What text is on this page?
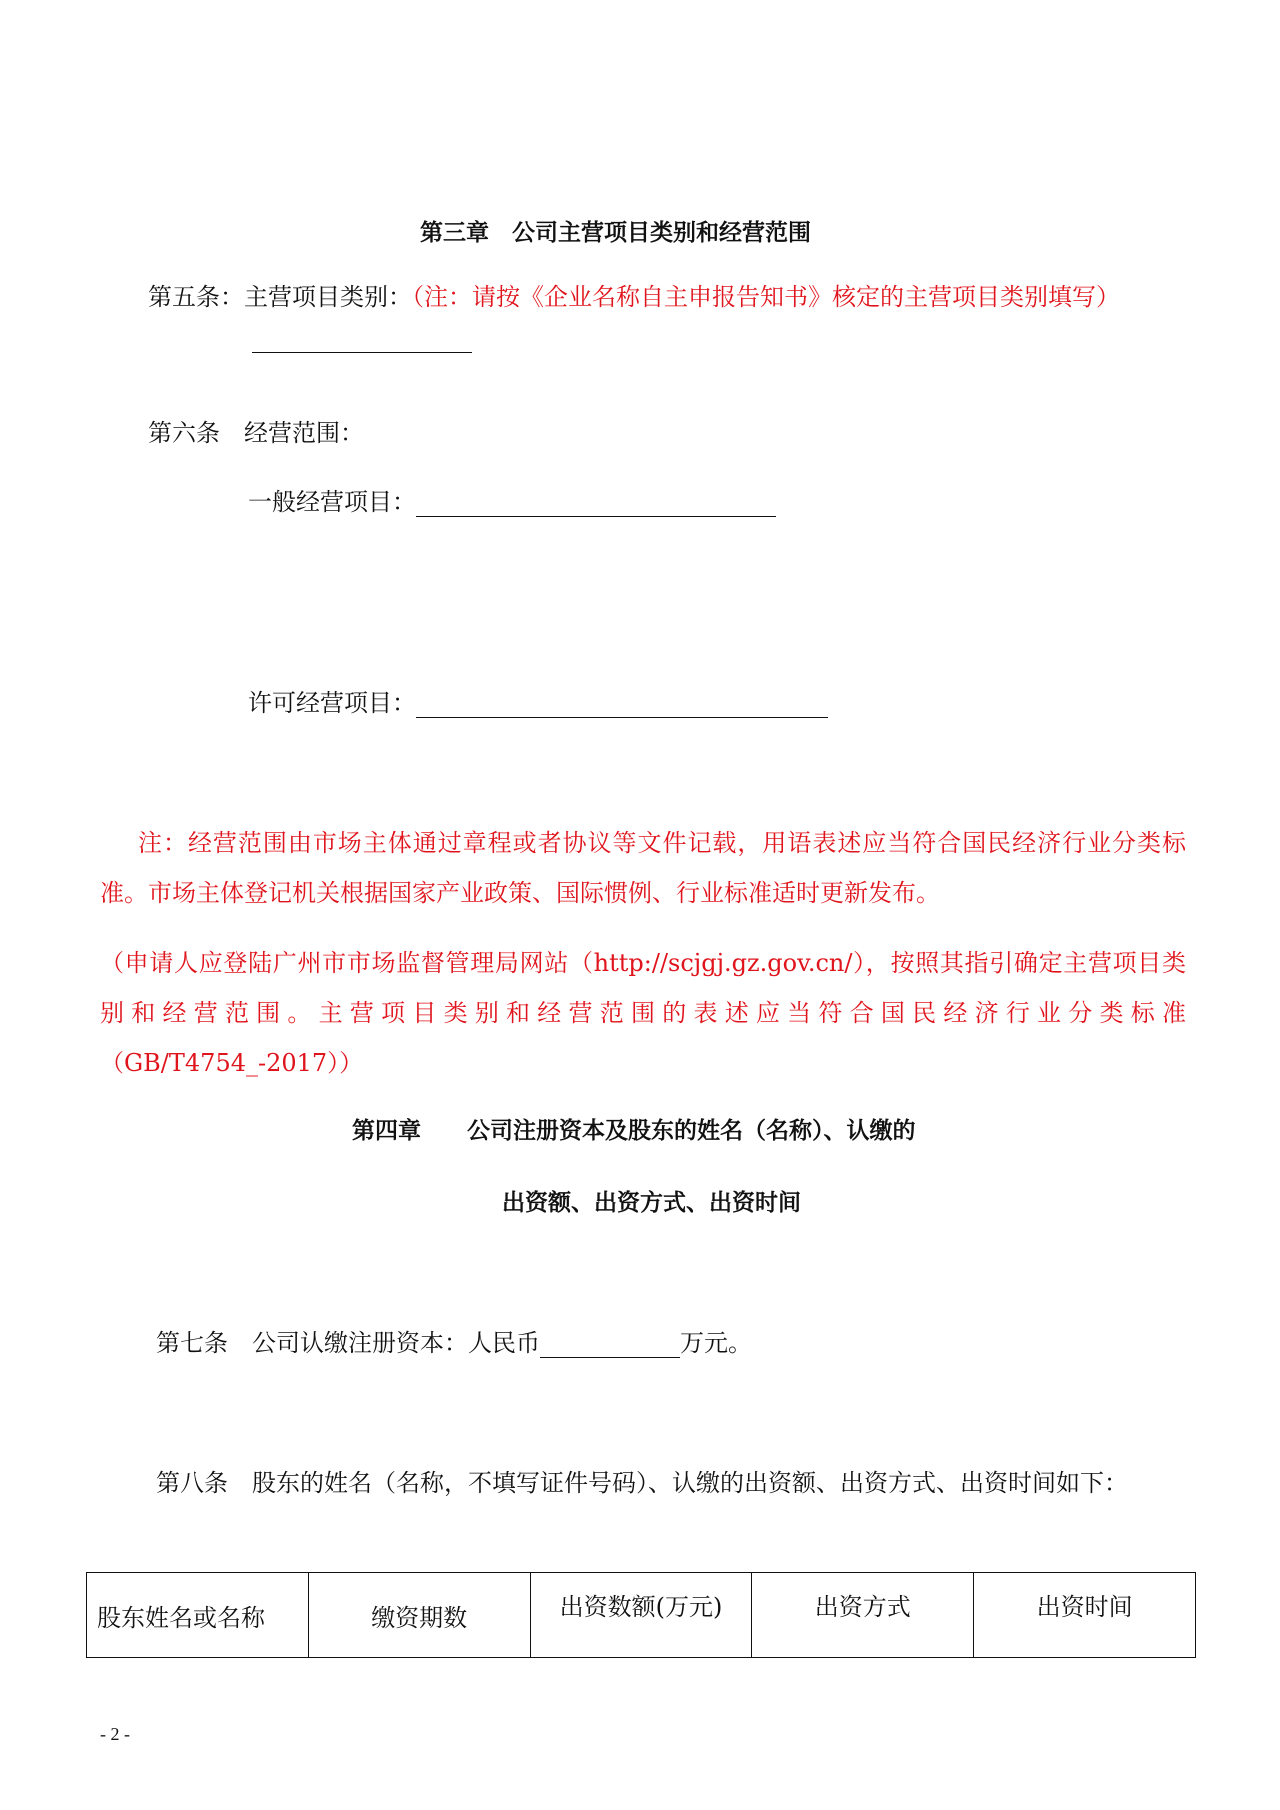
第三章　公司主营项目类别和经营范围
第五条：主营项目类别：（注：请按《企业名称自主申报告知书》核定的主营项目类别填写）
第六条　经营范围：
一般经营项目：
许可经营项目：
注：经营范围由市场主体通过章程或者协议等文件记载，用语表述应当符合国民经济行业分类标准。市场主体登记机关根据国家产业政策、国际惯例、行业标准适时更新发布。
（申请人应登陆广州市市场监督管理局网站（http://scjgj.gz.gov.cn/），按照其指引确定主营项目类别和经营范围。主营项目类别和经营范围的表述应当符合国民经济行业分类标准（GB/T4754_-2017））
第四章　　公司注册资本及股东的姓名（名称）、认缴的
出资额、出资方式、出资时间
第七条　公司认缴注册资本：人民币	万元。
第八条　股东的姓名（名称，不填写证件号码）、认缴的出资额、出资方式、出资时间如下：
股东姓名或名称	缴资期数	出资数额(万元)	出资方式	出资时间
- 2 -
